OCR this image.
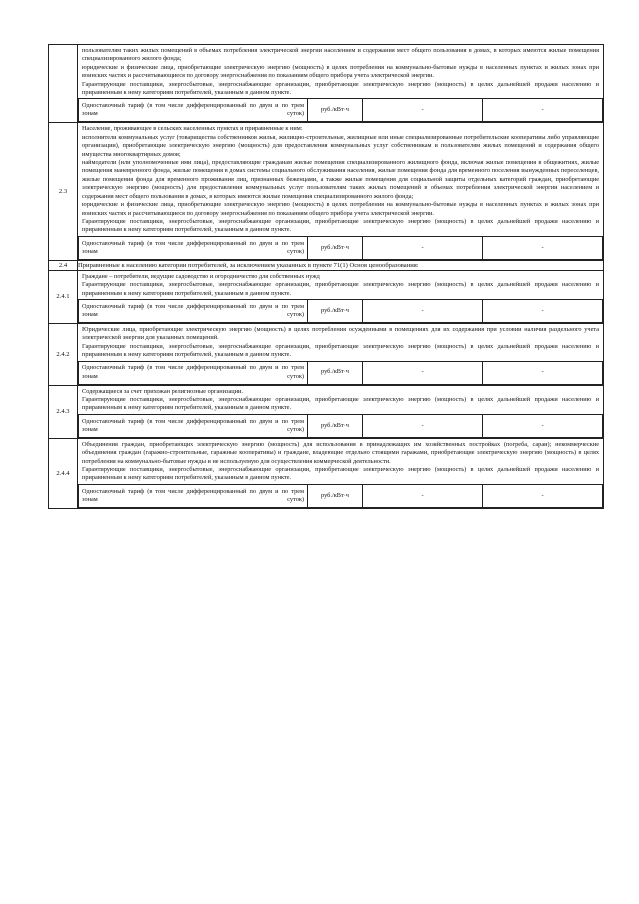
пользователям таких жилых помещений в объемах потребления электрической энергии населением и содержания мест общего пользования в домах, в которых имеются жилые помещения специализированного жилого фонда;

юридические и физические лица, приобретающие электрическую энергию (мощность) в целях потребления на коммунально-бытовые нужды в населенных пунктах и жилых зонах при воинских частях и рассчитывающиеся по договору энергоснабжения по показаниям общего прибора учета электрической энергии.

Гарантирующие поставщики, энергосбытовые, энергоснабжающие организации, приобретающие электрическую энергию (мощность) в целях дальнейшей продажи населению и приравненным к нему категориям потребителей, указанным в данном пункте.

Одноставочный тариф (в том числе дифференцированный по двум и по трем зонам суток)	руб./кВт·ч	-	-

2.3	

Население, проживающее в сельских населенных пунктах и приравненные к ним:

исполнители коммунальных услуг (товарищества собственников жилья, жилищно-строительные, жилищные или иные специализированные потребительские кооперативы либо управляющие организации), приобретающие электрическую энергию (мощность) для предоставления коммунальных услуг собственникам и пользователям жилых помещений и содержания общего имущества многоквартирных домов;

наймодатели (или уполномоченные ими лица), предоставляющие гражданам жилые помещения специализированного жилищного фонда, включая жилые помещения в общежитиях, жилые помещения маневренного фонда, жилые помещения в домах системы социального обслуживания населения, жилые помещения фонда для временного поселения вынужденных переселенцев, жилые помещения фонда для временного проживания лиц, признанных беженцами, а также жилые помещения для социальной защиты отдельных категорий граждан, приобретающие электрическую энергию (мощность) для предоставления коммунальных услуг пользователям таких жилых помещений в объемах потребления электрической энергии населением и содержания мест общего пользования в домах, в которых имеются жилые помещения специализированного жилого фонда;

юридические и физические лица, приобретающие электрическую энергию (мощность) в целях потребления на коммунально-бытовые нужды в населенных пунктах и жилых зонах при воинских частях и рассчитывающиеся по договору энергоснабжения по показаниям общего прибора учета электрической энергии.

Гарантирующие поставщики, энергосбытовые, энергоснабжающие организации, приобретающие электрическую энергию (мощность) в целях дальнейшей продажи населению и приравненным к нему категориям потребителей, указанным в данном пункте.

Одноставочный тариф (в том числе дифференцированный по двум и по трем зонам суток)	руб./кВт·ч	-	-

2.4	Приравненные к населению категории потребителей, за исключением указанных в пункте 71(1) Основ ценообразования:
2.4.1	

Граждане – потребители, ведущие садоводство и огородничество для собственных нужд

Гарантирующие поставщики, энергосбытовые, энергоснабжающие организации, приобретающие электрическую энергию (мощность) в целях дальнейшей продажи населению и приравненным к нему категориям потребителей, указанным в данном пункте.

Одноставочный тариф (в том числе дифференцированный по двум и по трем зонам суток)	руб./кВт·ч	-	-

2.4.2	

Юридические лица, приобретающие электрическую энергию (мощность) в целях потребления осужденными в помещениях для их содержания при условии наличия раздельного учета электрической энергии для указанных помещений.

Гарантирующие поставщики, энергосбытовые, энергоснабжающие организации, приобретающие электрическую энергию (мощность) в целях дальнейшей продажи населению и приравненным к нему категориям потребителей, указанным в данном пункте.

Одноставочный тариф (в том числе дифференцированный по двум и по трем зонам суток)	руб./кВт·ч	-	-

2.4.3	

Содержащиеся за счет прихожан религиозные организации.

Гарантирующие поставщики, энергосбытовые, энергоснабжающие организации, приобретающие электрическую энергию (мощность) в целях дальнейшей продажи населению и приравненным к нему категориям потребителей, указанным в данном пункте.

Одноставочный тариф (в том числе дифференцированный по двум и по трем зонам суток)	руб./кВт·ч	-	-

2.4.4	

Объединения граждан, приобретающих электрическую энергию (мощность) для использования в принадлежащих им хозяйственных постройках (погреба, сараи); некоммерческие объединения граждан (гаражно-строительные, гаражные кооперативы) и граждане, владеющие отдельно стоящими гаражами, приобретающие электрическую энергию (мощность) в целях потребления на коммунально-бытовые нужды и не используемую для осуществления коммерческой деятельности.

Гарантирующие поставщики, энергосбытовые, энергоснабжающие организации, приобретающие электрическую энергию (мощность) в целях дальнейшей продажи населению и приравненным к нему категориям потребителей, указанным в данном пункте.

Одноставочный тариф (в том числе дифференцированный по двум и по трем зонам суток)	руб./кВт·ч	-	-
